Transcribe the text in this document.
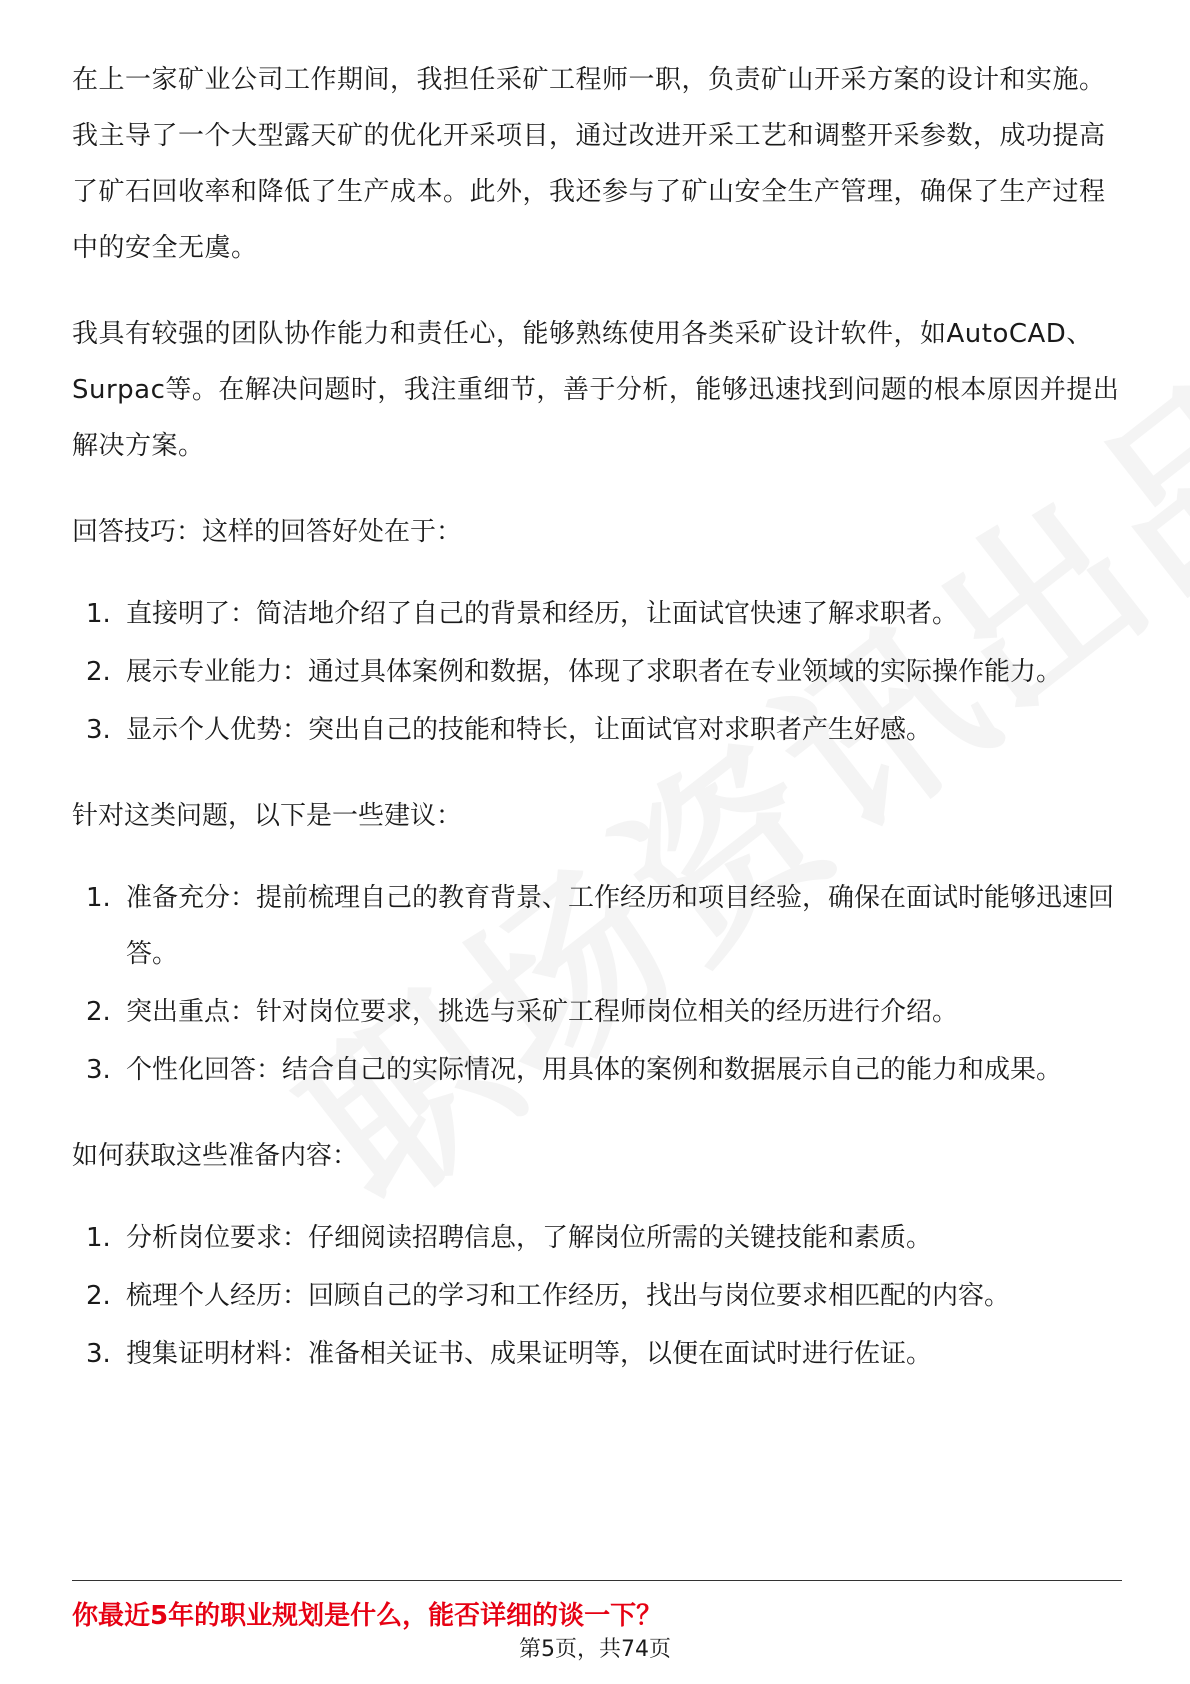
在上一家矿业公司工作期间，我担任采矿工程师一职，负责矿山开采方案的设计和实施。我主导了一个大型露天矿的优化开采项目，通过改进开采工艺和调整开采参数，成功提高了矿石回收率和降低了生产成本。此外，我还参与了矿山安全生产管理，确保了生产过程中的安全无虞。

我具有较强的团队协作能力和责任心，能够熟练使用各类采矿设计软件，如AutoCAD、Surpac等。在解决问题时，我注重细节，善于分析，能够迅速找到问题的根本原因并提出解决方案。

回答技巧：这样的回答好处在于：

1. 直接明了：简洁地介绍了自己的背景和经历，让面试官快速了解求职者。
2. 展示专业能力：通过具体案例和数据，体现了求职者在专业领域的实际操作能力。
3. 显示个人优势：突出自己的技能和特长，让面试官对求职者产生好感。

针对这类问题，以下是一些建议：

1. 准备充分：提前梳理自己的教育背景、工作经历和项目经验，确保在面试时能够迅速回答。
2. 突出重点：针对岗位要求，挑选与采矿工程师岗位相关的经历进行介绍。
3. 个性化回答：结合自己的实际情况，用具体的案例和数据展示自己的能力和成果。

如何获取这些准备内容：

1. 分析岗位要求：仔细阅读招聘信息，了解岗位所需的关键技能和素质。
2. 梳理个人经历：回顾自己的学习和工作经历，找出与岗位要求相匹配的内容。
3. 搜集证明材料：准备相关证书、成果证明等，以便在面试时进行佐证。
你最近5年的职业规划是什么，能否详细的谈一下？
第5页，共74页
